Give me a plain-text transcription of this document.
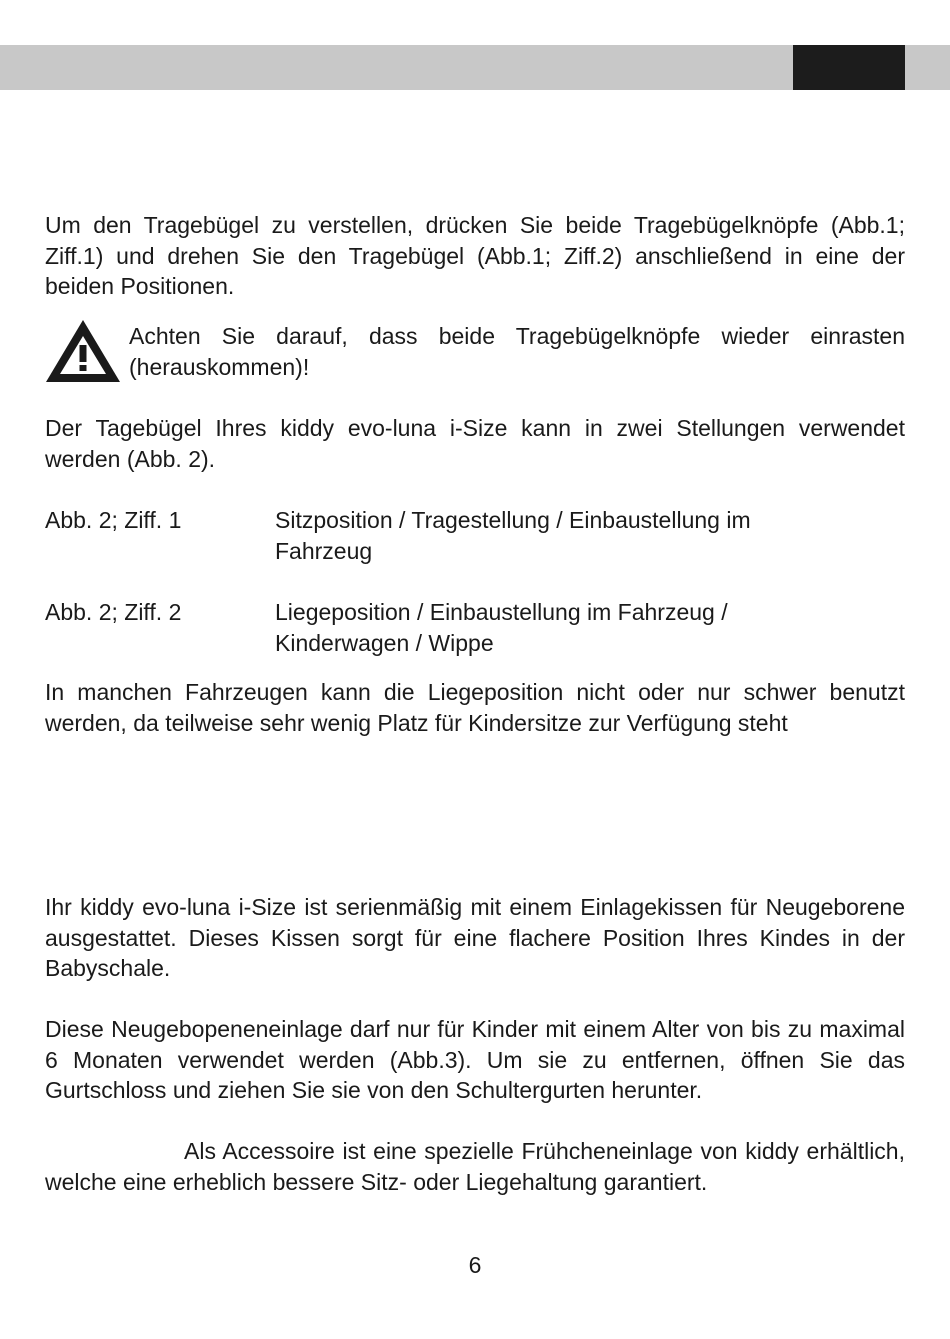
Um den Tragebügel zu verstellen, drücken Sie beide Tragebügelknöpfe (Abb.1; Ziff.1) und drehen Sie den Tragebügel (Abb.1; Ziff.2) anschließend in eine der beiden Positionen.

Achten Sie darauf, dass beide Tragebügelknöpfe wieder einrasten (herauskommen)!

Der Tagebügel Ihres kiddy evo-luna i-Size kann in zwei Stellungen verwendet werden (Abb. 2).

Abb. 2; Ziff. 1	Sitzposition / Tragestellung / Einbaustellung im Fahrzeug

Abb. 2; Ziff. 2	Liegeposition / Einbaustellung im Fahrzeug / Kinderwagen / Wippe

In manchen Fahrzeugen kann die Liegeposition nicht oder nur schwer benutzt werden, da teilweise sehr wenig Platz für Kindersitze zur Verfügung steht

Ihr kiddy evo-luna i-Size ist serienmäßig mit einem Einlagekissen für Neugeborene ausgestattet. Dieses Kissen sorgt für eine flachere Position Ihres Kindes in der Babyschale.

Diese Neugebореneneinlage darf nur für Kinder mit einem Alter von bis zu maximal 6 Monaten verwendet werden (Abb.3). Um sie zu entfernen, öffnen Sie das Gurtschloss und ziehen Sie sie von den Schultergurten herunter.

Als Accessoire ist eine spezielle Frühcheneinlage von kiddy erhältlich, welche eine erheblich bessere Sitz- oder Liegehaltung garantiert.

6
